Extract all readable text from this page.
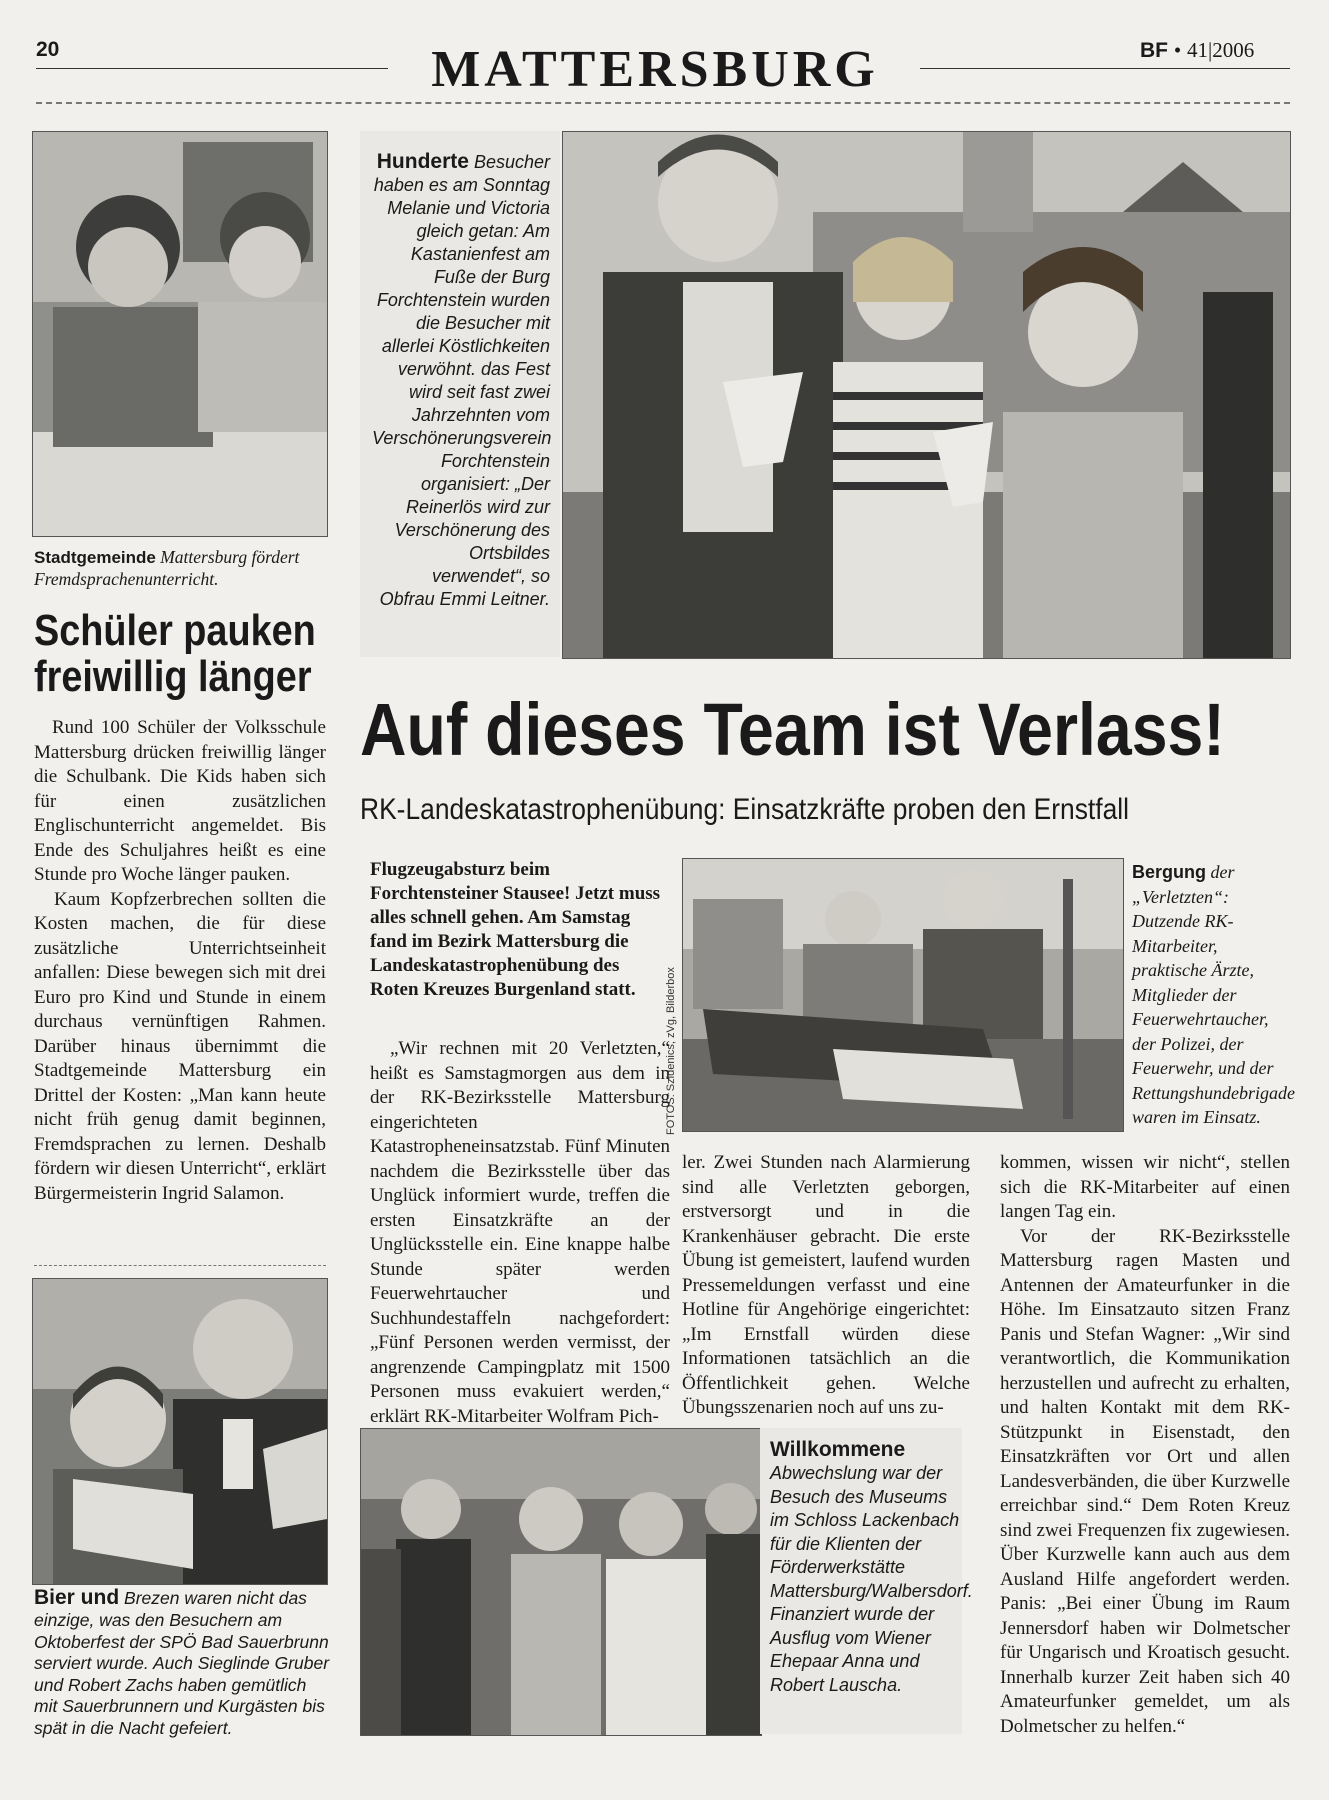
20	MATTERSBURG	BF • 41|2006
Stadtgemeinde Mattersburg fördert Fremdsprachenunterricht.
Schüler pauken freiwillig länger

Rund 100 Schüler der Volksschule Mattersburg drücken freiwillig länger die Schulbank. Die Kids haben sich für einen zusätzlichen Englischunterricht angemeldet. Bis Ende des Schuljahres heißt es eine Stunde pro Woche länger pauken.

Kaum Kopfzerbrechen sollten die Kosten machen, die für diese zusätzliche Unterrichtseinheit anfallen: Diese bewegen sich mit drei Euro pro Kind und Stunde in einem durchaus vernünftigen Rahmen. Darüber hinaus übernimmt die Stadtgemeinde Mattersburg ein Drittel der Kosten: „Man kann heute nicht früh genug damit beginnen, Fremdsprachen zu lernen. Deshalb fördern wir diesen Unterricht“, erklärt Bürgermeisterin Ingrid Salamon.

Bier und Brezen waren nicht das einzige, was den Besuchern am Oktoberfest der SPÖ Bad Sauerbrunn serviert wurde. Auch Sieglinde Gruber und Robert Zachs haben gemütlich mit Sauerbrunnern und Kurgästen bis spät in die Nacht gefeiert.
Hunderte Besucher haben es am Sonntag Melanie und Victoria gleich getan: Am Kastanienfest am Fuße der Burg Forchtenstein wurden die Besucher mit allerlei Köstlichkeiten verwöhnt. das Fest wird seit fast zwei Jahrzehnten vom Verschönerungsverein Forchtenstein organisiert: „Der Reinerlös wird zur Verschönerung des Ortsbildes verwendet“, so Obfrau Emmi Leitner.
Auf dieses Team ist Verlass!
RK-Landeskatastrophenübung: Einsatzkräfte proben den Ernstfall
Flugzeugabsturz beim Forchtensteiner Stausee! Jetzt muss alles schnell gehen. Am Samstag fand im Bezirk Mattersburg die Landeskatastrophenübung des Roten Kreuzes Burgenland statt.

„Wir rechnen mit 20 Verletzten,“ heißt es Samstagmorgen aus dem in der RK-Bezirksstelle Mattersburg eingerichteten Katastropheneinsatzstab. Fünf Minuten nachdem die Bezirksstelle über das Unglück informiert wurde, treffen die ersten Einsatzkräfte an der Unglücksstelle ein. Eine knappe halbe Stunde später werden Feuerwehrtaucher und Suchhundestaffeln nachgefordert: „Fünf Personen werden vermisst, der angrenzende Campingplatz mit 1500 Personen muss evakuiert werden,“ erklärt RK-Mitarbeiter Wolfram Pich-

FOTOS: Szidenics, zVg, Bilderbox
Bergung der „Verletzten“: Dutzende RK-Mitarbeiter, praktische Ärzte, Mitglieder der Feuerwehrtaucher, der Polizei, der Feuerwehr, und der Rettungshundebrigade waren im Einsatz.

ler. Zwei Stunden nach Alarmierung sind alle Verletzten geborgen, erstversorgt und in die Krankenhäuser gebracht. Die erste Übung ist gemeistert, laufend wurden Pressemeldungen verfasst und eine Hotline für Angehörige eingerichtet: „Im Ernstfall würden diese Informationen tatsächlich an die Öffentlichkeit gehen. Welche Übungsszenarien noch auf uns zu-

kommen, wissen wir nicht“, stellen sich die RK-Mitarbeiter auf einen langen Tag ein.

Vor der RK-Bezirksstelle Mattersburg ragen Masten und Antennen der Amateurfunker in die Höhe. Im Einsatzauto sitzen Franz Panis und Stefan Wagner: „Wir sind verantwortlich, die Kommunikation herzustellen und aufrecht zu erhalten, und halten Kontakt mit dem RK-Stützpunkt in Eisenstadt, den Einsatzkräften vor Ort und allen Landesverbänden, die über Kurzwelle erreichbar sind.“ Dem Roten Kreuz sind zwei Frequenzen fix zugewiesen. Über Kurzwelle kann auch aus dem Ausland Hilfe angefordert werden. Panis: „Bei einer Übung im Raum Jennersdorf haben wir Dolmetscher für Ungarisch und Kroatisch gesucht. Innerhalb kurzer Zeit haben sich 40 Amateurfunker gemeldet, um als Dolmetscher zu helfen.“

Willkommene
Abwechslung war der Besuch des Museums im Schloss Lackenbach für die Klienten der Förderwerkstätte Mattersburg/Walbersdorf. Finanziert wurde der Ausflug vom Wiener Ehepaar Anna und Robert Lauscha.
